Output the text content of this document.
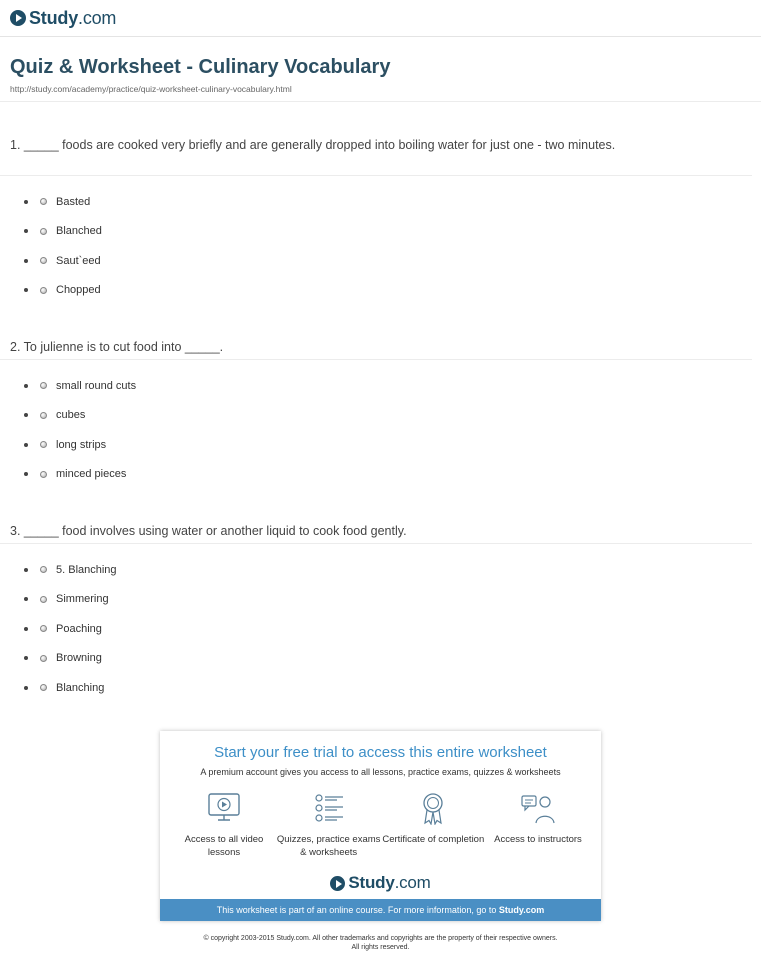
Study.com
Quiz & Worksheet - Culinary Vocabulary
http://study.com/academy/practice/quiz-worksheet-culinary-vocabulary.html

1. _____ foods are cooked very briefly and are generally dropped into boiling water for just one - two minutes.

Basted
Blanched
Saut`eed
Chopped

2. To julienne is to cut food into _____.

small round cuts
cubes
long strips
minced pieces

3. _____ food involves using water or another liquid to cook food gently.

5. Blanching
Simmering
Poaching
Browning
Blanching
Start your free trial to access this entire worksheet
A premium account gives you access to all lessons, practice exams, quizzes & worksheets
Access to all video lessons
Quizzes, practice exams & worksheets
Certificate of completion	Access to instructors
Study.com
This worksheet is part of an online course. For more information, go to Study.com
© copyright 2003-2015 Study.com. All other trademarks and copyrights are the property of their respective owners.
All rights reserved.
